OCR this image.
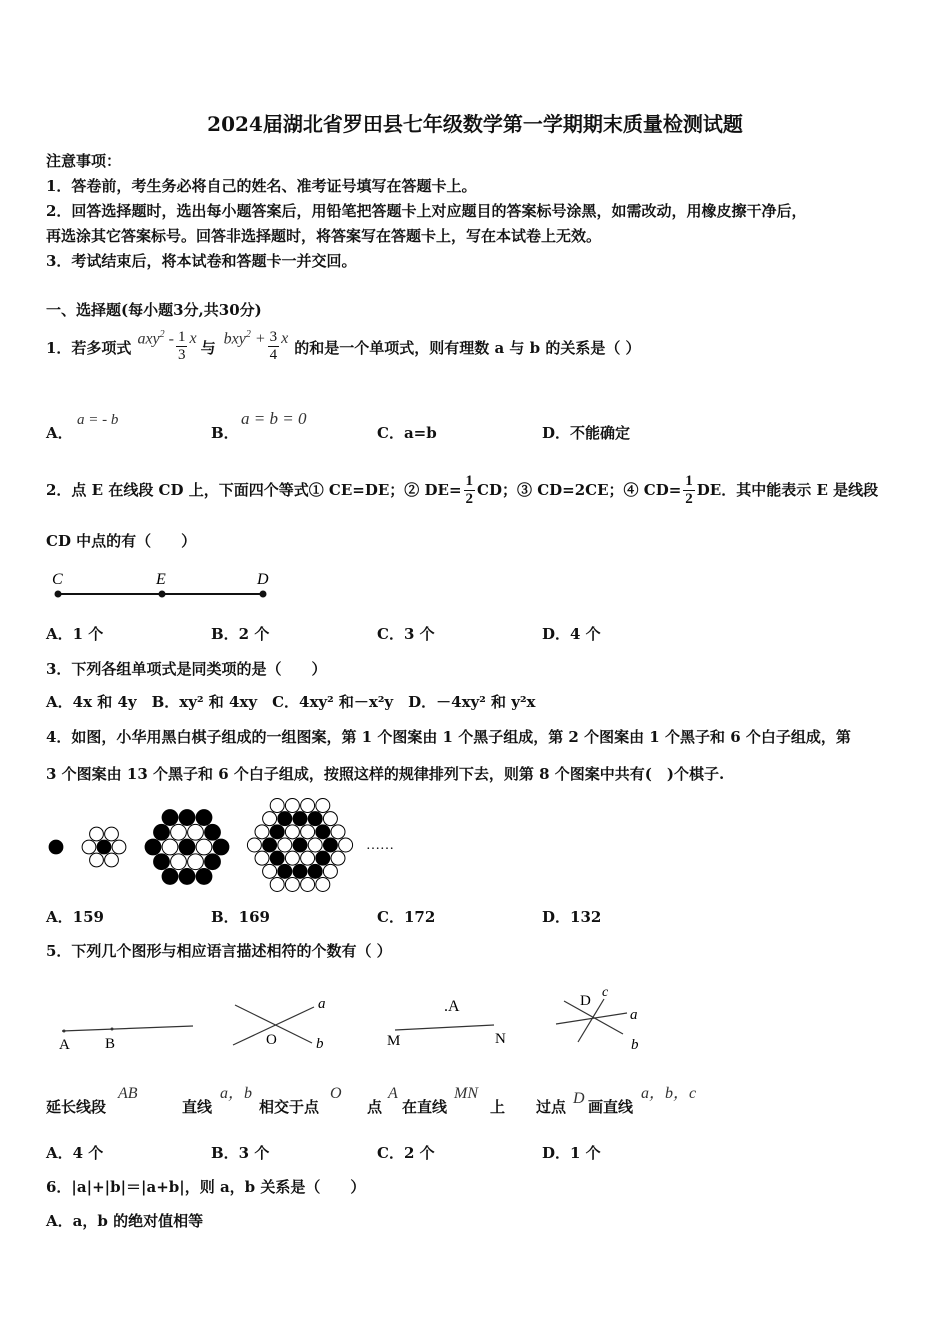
2024届湖北省罗田县七年级数学第一学期期末质量检测试题
注意事项：
1．答卷前，考生务必将自己的姓名、准考证号填写在答题卡上。
2．回答选择题时，选出每小题答案后，用铅笔把答题卡上对应题目的答案标号涂黑，如需改动，用橡皮擦干净后，
再选涂其它答案标号。回答非选择题时，将答案写在答题卡上，写在本试卷上无效。
3．考试结束后，将本试卷和答题卡一并交回。
一、选择题(每小题3分,共30分)
1．若多项式 $axy^2 - \frac{1}{3}$ x
与 $bxy^2 + \frac{3}{4}$ x
的和是一个单项式，则有理数 a 与 b 的关系是（ ）
A．
a = - b
B．
a = b = 0
C．a=b	D．不能确定
2．点 E 在线段 CD 上，下面四个等式① CE=DE；② $DE= \frac{1}{2}$ CD；③ CD=2CE；④ $CD= \frac{1}{2}$ DE．其中能表示 E 是线段
CD 中点的有（　　）
C	E	D
A．1 个	B．2 个	C．3 个	D．4 个
3．下列各组单项式是同类项的是（　　）
A．4x 和 4y　B．xy² 和 4xy　C．4xy² 和－x²y　D．－4xy² 和 y²x
4．如图，小华用黑白棋子组成的一组图案，第 1 个图案由 1 个黑子组成，第 2 个图案由 1 个黑子和 6 个白子组成，第
3 个图案由 13 个黑子和 6 个白子组成，按照这样的规律排列下去，则第 8 个图案中共有(　)个棋子.
……
A．159	B．169	C．172	D．132
5．下列几个图形与相应语言描述相符的个数有（ ）
A B	O
a
b
.A
M	N
D
c
a
b
延长线段
AB
直线
a，b
相交于点
O
点
A
在直线
MN
上 过点 D 画直线
a，b，c
A．4 个	B．3 个	C．2 个	D．1 个
6．|a|+|b|＝|a+b|，则 a，b 关系是（　　）
A．a，b 的绝对值相等
